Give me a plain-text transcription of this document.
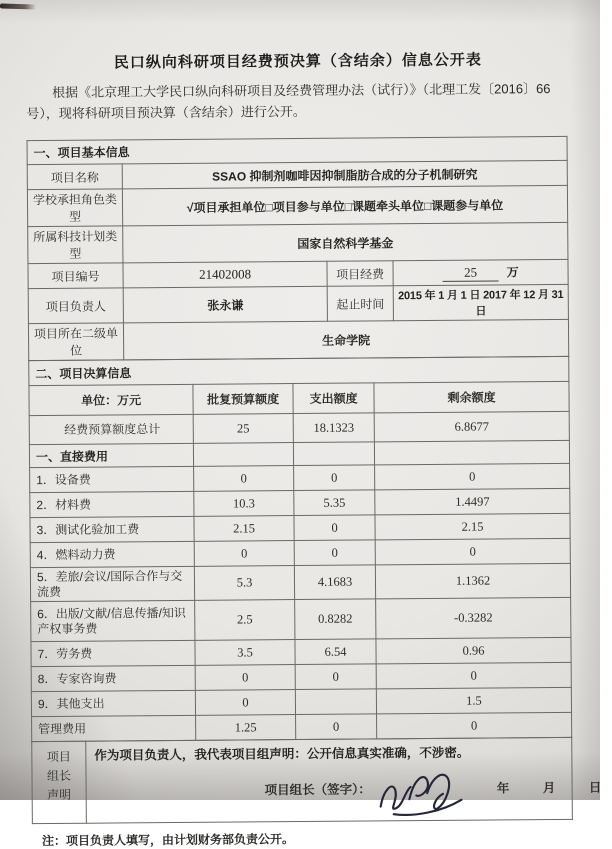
民口纵向科研项目经费预决算（含结余）信息公开表

根据《北京理工大学民口纵向科研项目及经费管理办法（试行）》（北理工发〔2016〕66

号），现将科研项目预决算（含结余）进行公开。

一、项目基本信息			
项目名称	SSAO 抑制剂咖啡因抑制脂肪合成的分子机制研究		
学校承担角色类型	√项目承担单位□项目参与单位□课题牵头单位□课题参与单位		
所属科技计划类型	国家自然科学基金		
项目编号	21402008	项目经费	25 万
项目负责人	张永谦	起止时间	2015 年 1 月 1 日 2017 年 12 月 31 日
项目所在二级单位	生命学院		
二、项目决算信息			
单位：万元	批复预算额度	支出额度	剩余额度
经费预算额度总计	25	18.1323	6.8677
一、直接费用			
1．设备费	0	0	0
2．材料费	10.3	5.35	1.4497
3．测试化验加工费	2.15	0	2.15
4．燃料动力费	0	0	0
5．差旅/会议/国际合作与交流费	5.3	4.1683	1.1362
6．出版/文献/信息传播/知识产权事务费	2.5	0.8282	-0.3282
7．劳务费	3.5	6.54	0.96
8．专家咨询费	0	0	0
9．其他支出	0		1.5
管理费用	1.25	0	0
项目
组长
声明

作为项目负责人，我代表项目组声明：公开信息真实准确，不涉密。
项目组长（签字）：	年	月	日

注：项目负责人填写，由计划财务部负责公开。
